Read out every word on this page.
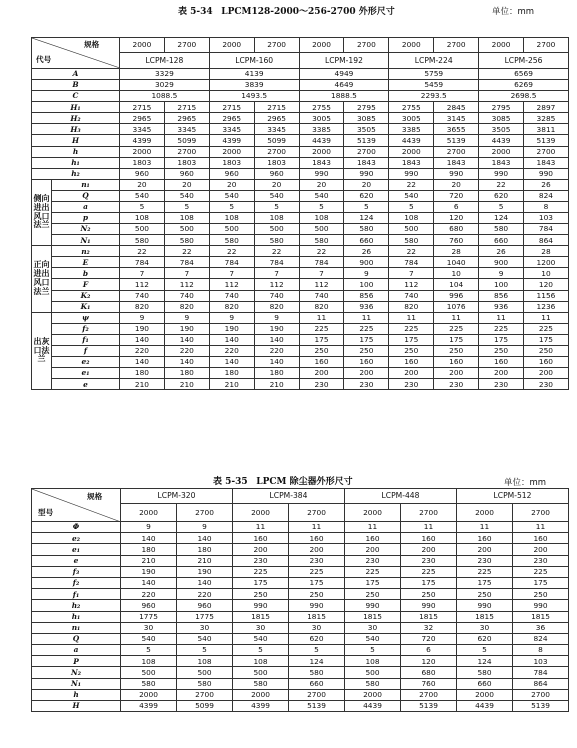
表 5-34 LPCM128-2000～256-2700 外形尺寸	单位：mm
规格
代号		2000	2700	2000	2700	2000	2700	2000	2700	2000	2700
		LCPM-128		LCPM-160		LCPM-192		LCPM-224		LCPM-256	
A		3329		4139		4949		5759		6569	
B		3029		3839		4649		5459		6269	
C		1088.5		1493.5		1888.5		2293.5		2698.5	
H₁		2715	2715	2715	2715	2755	2795	2755	2845	2795	2897
H₂		2965	2965	2965	2965	3005	3085	3005	3145	3085	3285
H₃		3345	3345	3345	3345	3385	3505	3385	3655	3505	3811
H		4399	5099	4399	5099	4439	5139	4439	5139	4439	5139
h		2000	2700	2000	2700	2000	2700	2000	2700	2000	2700
h₁		1803	1803	1803	1803	1843	1843	1843	1843	1843	1843
h₂		960	960	960	960	990	990	990	990	990	990
侧向进出风口法兰	n₁	20	20	20	20	20	20	22	20	22	26
	Q	540	540	540	540	540	620	540	720	620	824
	a	5	5	5	5	5	5	5	6	5	8
	p	108	108	108	108	108	124	108	120	124	103
	N₂	500	500	500	500	500	580	500	680	580	784
	N₁	580	580	580	580	580	660	580	760	660	864
正向进出风口法兰	n₂	22	22	22	22	22	26	22	28	26	28
	E	784	784	784	784	784	900	784	1040	900	1200
	b	7	7	7	7	7	9	7	10	9	10
	F	112	112	112	112	112	100	112	104	100	120
	K₂	740	740	740	740	740	856	740	996	856	1156
	K₁	820	820	820	820	820	936	820	1076	936	1236
出灰口法兰	ψ	9	9	9	9	11	11	11	11	11	11
	f₂	190	190	190	190	225	225	225	225	225	225
	f₁	140	140	140	140	175	175	175	175	175	175
	f	220	220	220	220	250	250	250	250	250	250
	e₂	140	140	140	140	160	160	160	160	160	160
	e₁	180	180	180	180	200	200	200	200	200	200
	e	210	210	210	210	230	230	230	230	230	230
表 5-35 LPCM 除尘器外形尺寸	单位：mm
规格
型号	LCPM-320		LCPM-384		LCPM-448		LCPM-512	
	2000	2700	2000	2700	2000	2700	2000	2700
Φ	9	9	11	11	11	11	11	11
e₂	140	140	160	160	160	160	160	160
e₁	180	180	200	200	200	200	200	200
e	210	210	230	230	230	230	230	230
f₃	190	190	225	225	225	225	225	225
f₂	140	140	175	175	175	175	175	175
f₁	220	220	250	250	250	250	250	250
h₂	960	960	990	990	990	990	990	990
h₁	1775	1775	1815	1815	1815	1815	1815	1815
n₁	30	30	30	30	30	32	30	36
Q	540	540	540	620	540	720	620	824
a	5	5	5	5	5	6	5	8
P	108	108	108	124	108	120	124	103
N₂	500	500	500	580	500	680	580	784
N₁	580	580	580	660	580	760	660	864
h	2000	2700	2000	2700	2000	2700	2000	2700
H	4399	5099	4399	5139	4439	5139	4439	5139
